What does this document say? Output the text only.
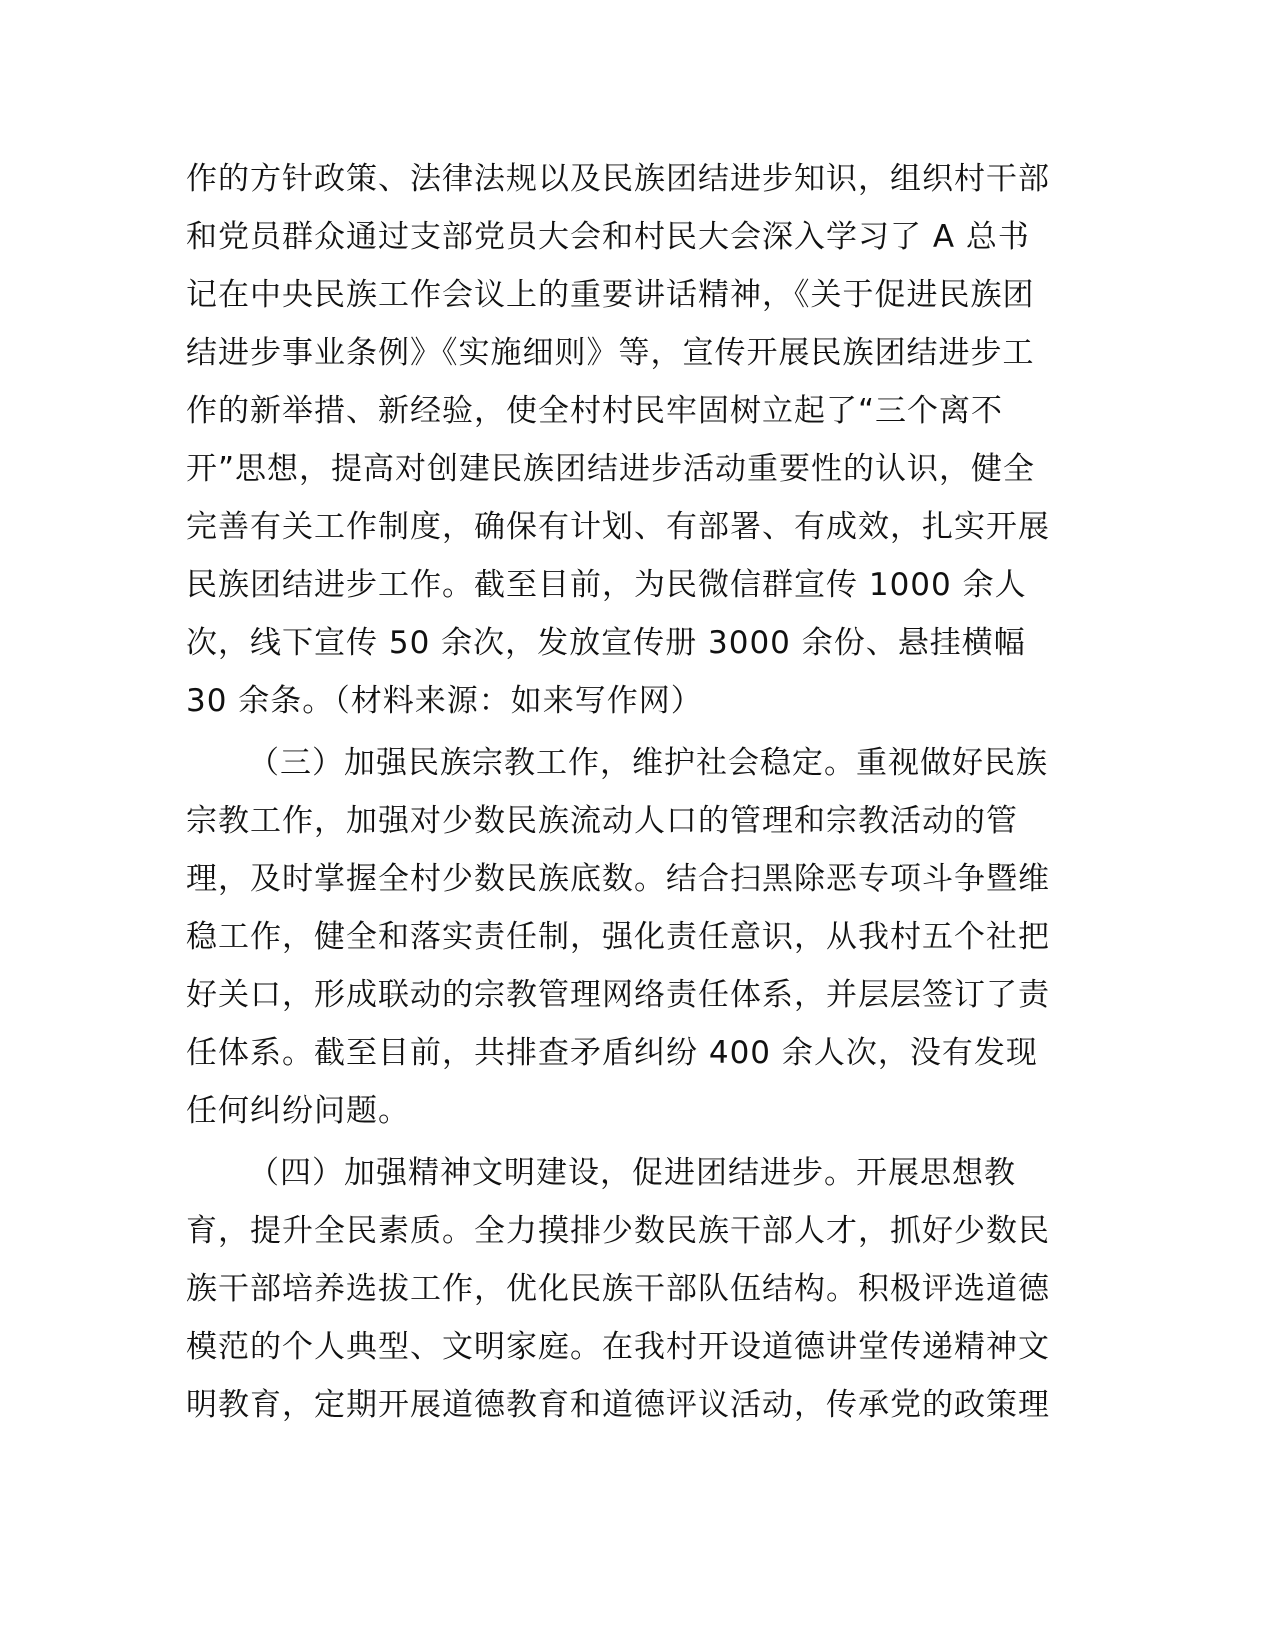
作的方针政策、法律法规以及民族团结进步知识，组织村干部
和党员群众通过支部党员大会和村民大会深入学习了 A 总书
记在中央民族工作会议上的重要讲话精神，《关于促进民族团
结进步事业条例》《实施细则》等，宣传开展民族团结进步工
作的新举措、新经验，使全村村民牢固树立起了“三个离不
开”思想，提高对创建民族团结进步活动重要性的认识，健全
完善有关工作制度，确保有计划、有部署、有成效，扎实开展
民族团结进步工作。截至目前，为民微信群宣传 1000 余人
次，线下宣传 50 余次，发放宣传册 3000 余份、悬挂横幅
30 余条。（材料来源：如来写作网）
（三）加强民族宗教工作，维护社会稳定。重视做好民族
宗教工作，加强对少数民族流动人口的管理和宗教活动的管
理，及时掌握全村少数民族底数。结合扫黑除恶专项斗争暨维
稳工作，健全和落实责任制，强化责任意识，从我村五个社把
好关口，形成联动的宗教管理网络责任体系，并层层签订了责
任体系。截至目前，共排查矛盾纠纷 400 余人次，没有发现
任何纠纷问题。
（四）加强精神文明建设，促进团结进步。开展思想教
育，提升全民素质。全力摸排少数民族干部人才，抓好少数民
族干部培养选拔工作，优化民族干部队伍结构。积极评选道德
模范的个人典型、文明家庭。在我村开设道德讲堂传递精神文
明教育，定期开展道德教育和道德评议活动，传承党的政策理
